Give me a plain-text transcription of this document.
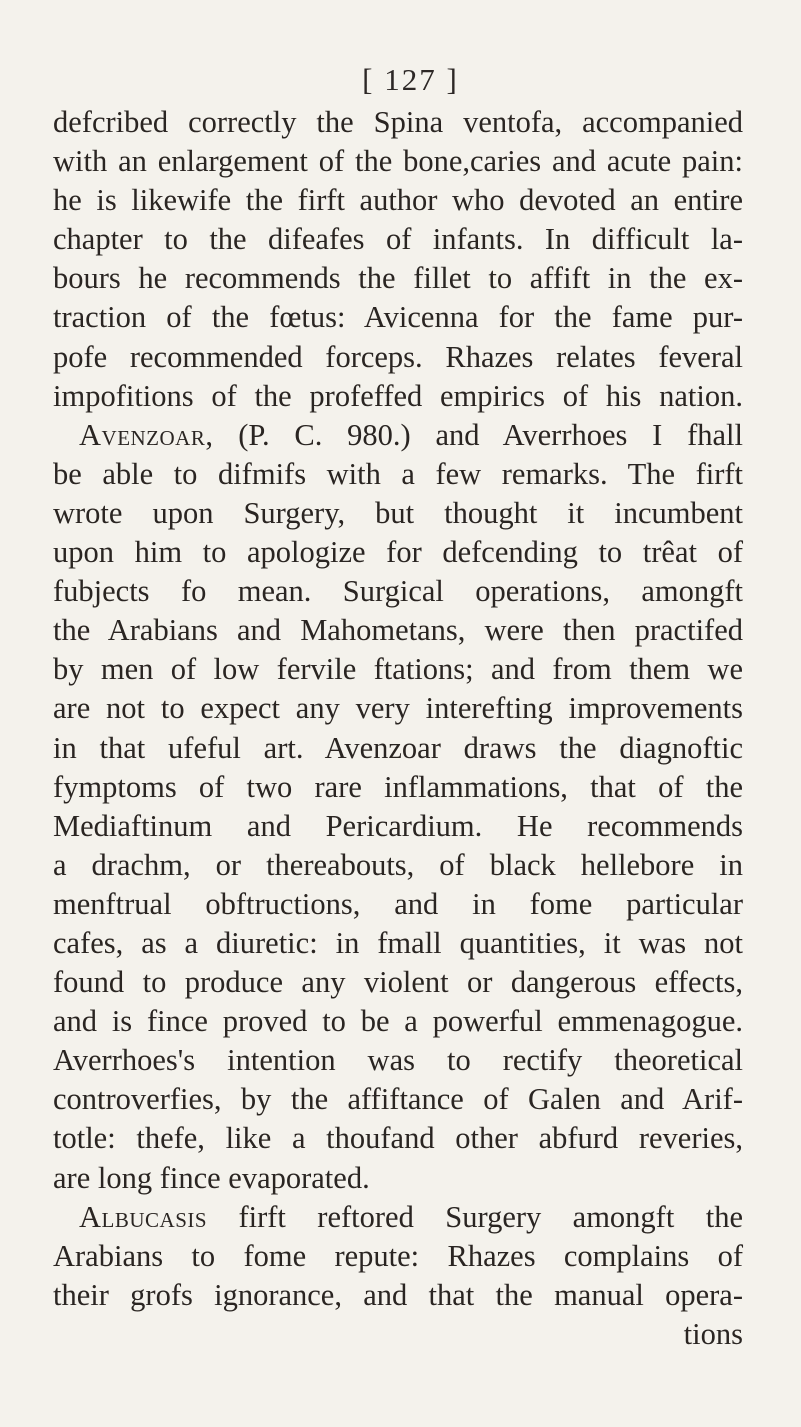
[ 127 ]
defcribed correctly the Spina ventofa, accompanied
with an enlargement of the bone,caries and acute pain:
he is likewife the firft author who devoted an entire
chapter to the difeafes of infants. In difficult la-
bours he recommends the fillet to affift in the ex-
traction of the fœtus: Avicenna for the fame pur-
pofe recommended forceps. Rhazes relates feveral
impofitions of the profeffed empirics of his nation.
Avenzoar, (P. C. 980.) and Averrhoes I fhall
be able to difmifs with a few remarks. The firft
wrote upon Surgery, but thought it incumbent
upon him to apologize for defcending to trêat of
fubjects fo mean. Surgical operations, amongft
the Arabians and Mahometans, were then practifed
by men of low fervile ftations; and from them we
are not to expect any very interefting improvements
in that ufeful art. Avenzoar draws the diagnoftic
fymptoms of two rare inflammations, that of the
Mediaftinum and Pericardium. He recommends
a drachm, or thereabouts, of black hellebore in
menftrual obftructions, and in fome particular
cafes, as a diuretic: in fmall quantities, it was not
found to produce any violent or dangerous effects,
and is fince proved to be a powerful emmenagogue.
Averrhoes's intention was to rectify theoretical
controverfies, by the affiftance of Galen and Arif-
totle: thefe, like a thoufand other abfurd reveries,
are long fince evaporated.
Albucasis firft reftored Surgery amongft the
Arabians to fome repute: Rhazes complains of
their grofs ignorance, and that the manual opera-
tions
